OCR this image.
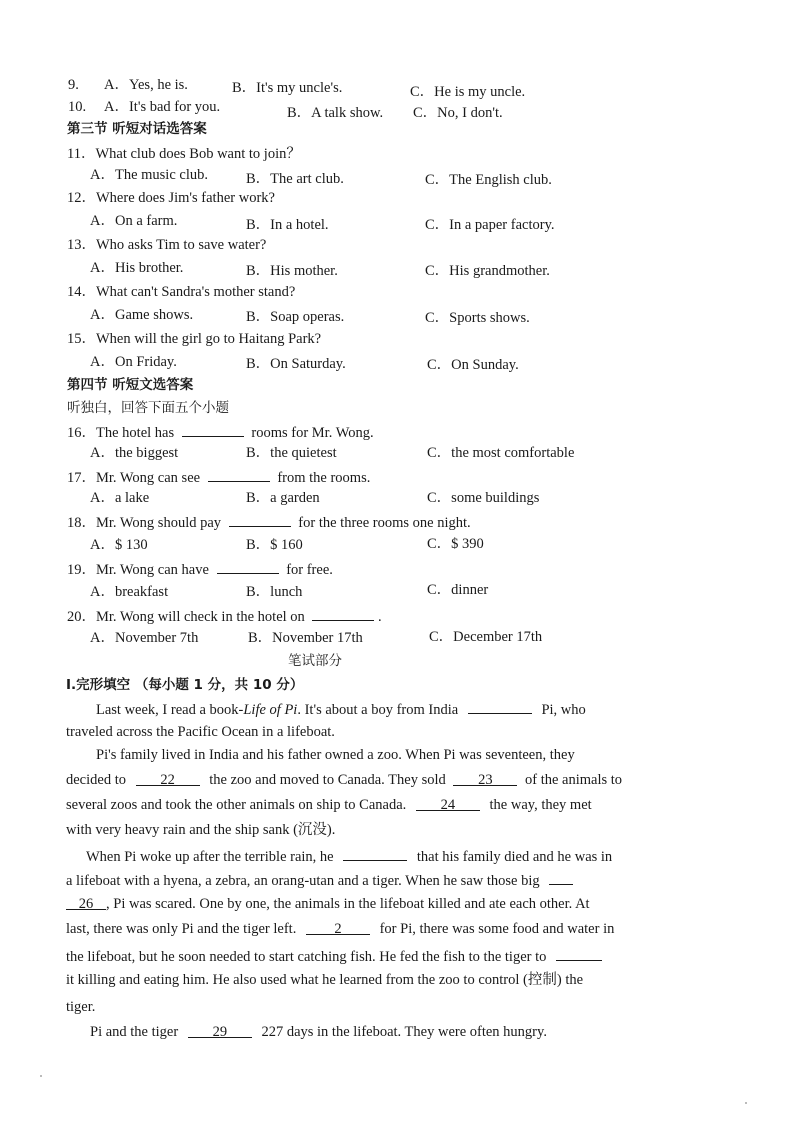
9.	A．Yes, he is.	B．It's my uncle's.	C．He is my uncle.
10. A．It's bad for you.	B．A talk show. C．No, I don't.
第三节 听短对话选答案
11．What club does Bob want to join？
A．The music club.	B．The art club.	C．The English club.
12．Where does Jim's father work?
A．On a farm.	B．In a hotel.	C．In a paper factory.
13．Who asks Tim to save water?
A．His brother.	B．His mother.	C．His grandmother.
14．What can't Sandra's mother stand?
A．Game shows.	B．Soap operas.	C．Sports shows.
15．When will the girl go to Haitang Park?
A．On Friday.	B．On Saturday.	C．On Sunday.
第四节 听短文选答案
听独白，回答下面五个小题
16．The hotel has	rooms for Mr. Wong.
A．the biggest	B．the quietest	C．the most comfortable
17．Mr. Wong can see	from the rooms.
A．a lake	B．a garden	C．some buildings
18．Mr. Wong should pay	for the three rooms one night.
A．$ 130	B．$ 160	C．$ 390
19．Mr. Wong can have	for free.
A．breakfast	B．lunch	C．dinner
20．Mr. Wong will check in the hotel on	.
A．November 7th	B．November 17th	C．December 17th
笔试部分
I.完形填空 （每小题 1 分，共 10 分）
Last week, I read a book-Life of Pi. It's about a boy from India	Pi, who
traveled across the Pacific Ocean in a lifeboat.
Pi's family lived in India and his father owned a zoo. When Pi was seventeen, they
decided to 22 the zoo and moved to Canada. They sold 23 of the animals to
several zoos and took the other animals on ship to Canada. 24 the way, they met
with very heavy rain and the ship sank (沉没).
When Pi woke up after the terrible rain, he	that his family died and he was in
a lifeboat with a hyena, a zebra, an orang-utan and a tiger. When he saw those big
26 , Pi was scared. One by one, the animals in the lifeboat killed and ate each other. At
last, there was only Pi and the tiger left.	2	for Pi, there was some food and water in
the lifeboat, but he soon needed to start catching fish. He fed the fish to the tiger to
it killing and eating him. He also used what he learned from the zoo to control (控制) the
tiger.
Pi and the tiger 29 227 days in the lifeboat. They were often hungry.
